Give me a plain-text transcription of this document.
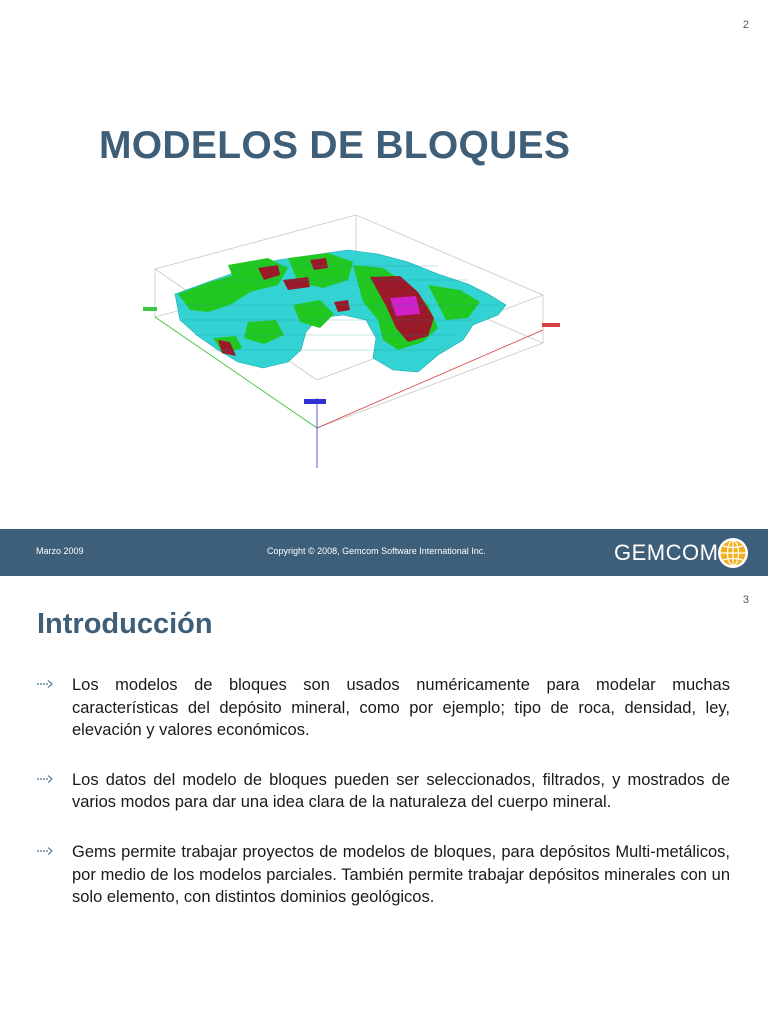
2
MODELOS DE BLOQUES
Marzo 2009	Copyright © 2008, Gemcom Software International Inc.	GEMCOM
3
Introducción
Los modelos de bloques son usados numéricamente para modelar muchas características del depósito mineral, como por ejemplo; tipo de roca, densidad, ley, elevación y valores económicos.
Los datos del modelo de bloques pueden ser seleccionados, filtrados, y mostrados de varios modos para dar una idea clara de la naturaleza del cuerpo mineral.
Gems permite trabajar proyectos de modelos de bloques, para depósitos Multi-metálicos, por medio de los modelos parciales. También permite trabajar depósitos minerales con un solo elemento, con distintos dominios geológicos.
